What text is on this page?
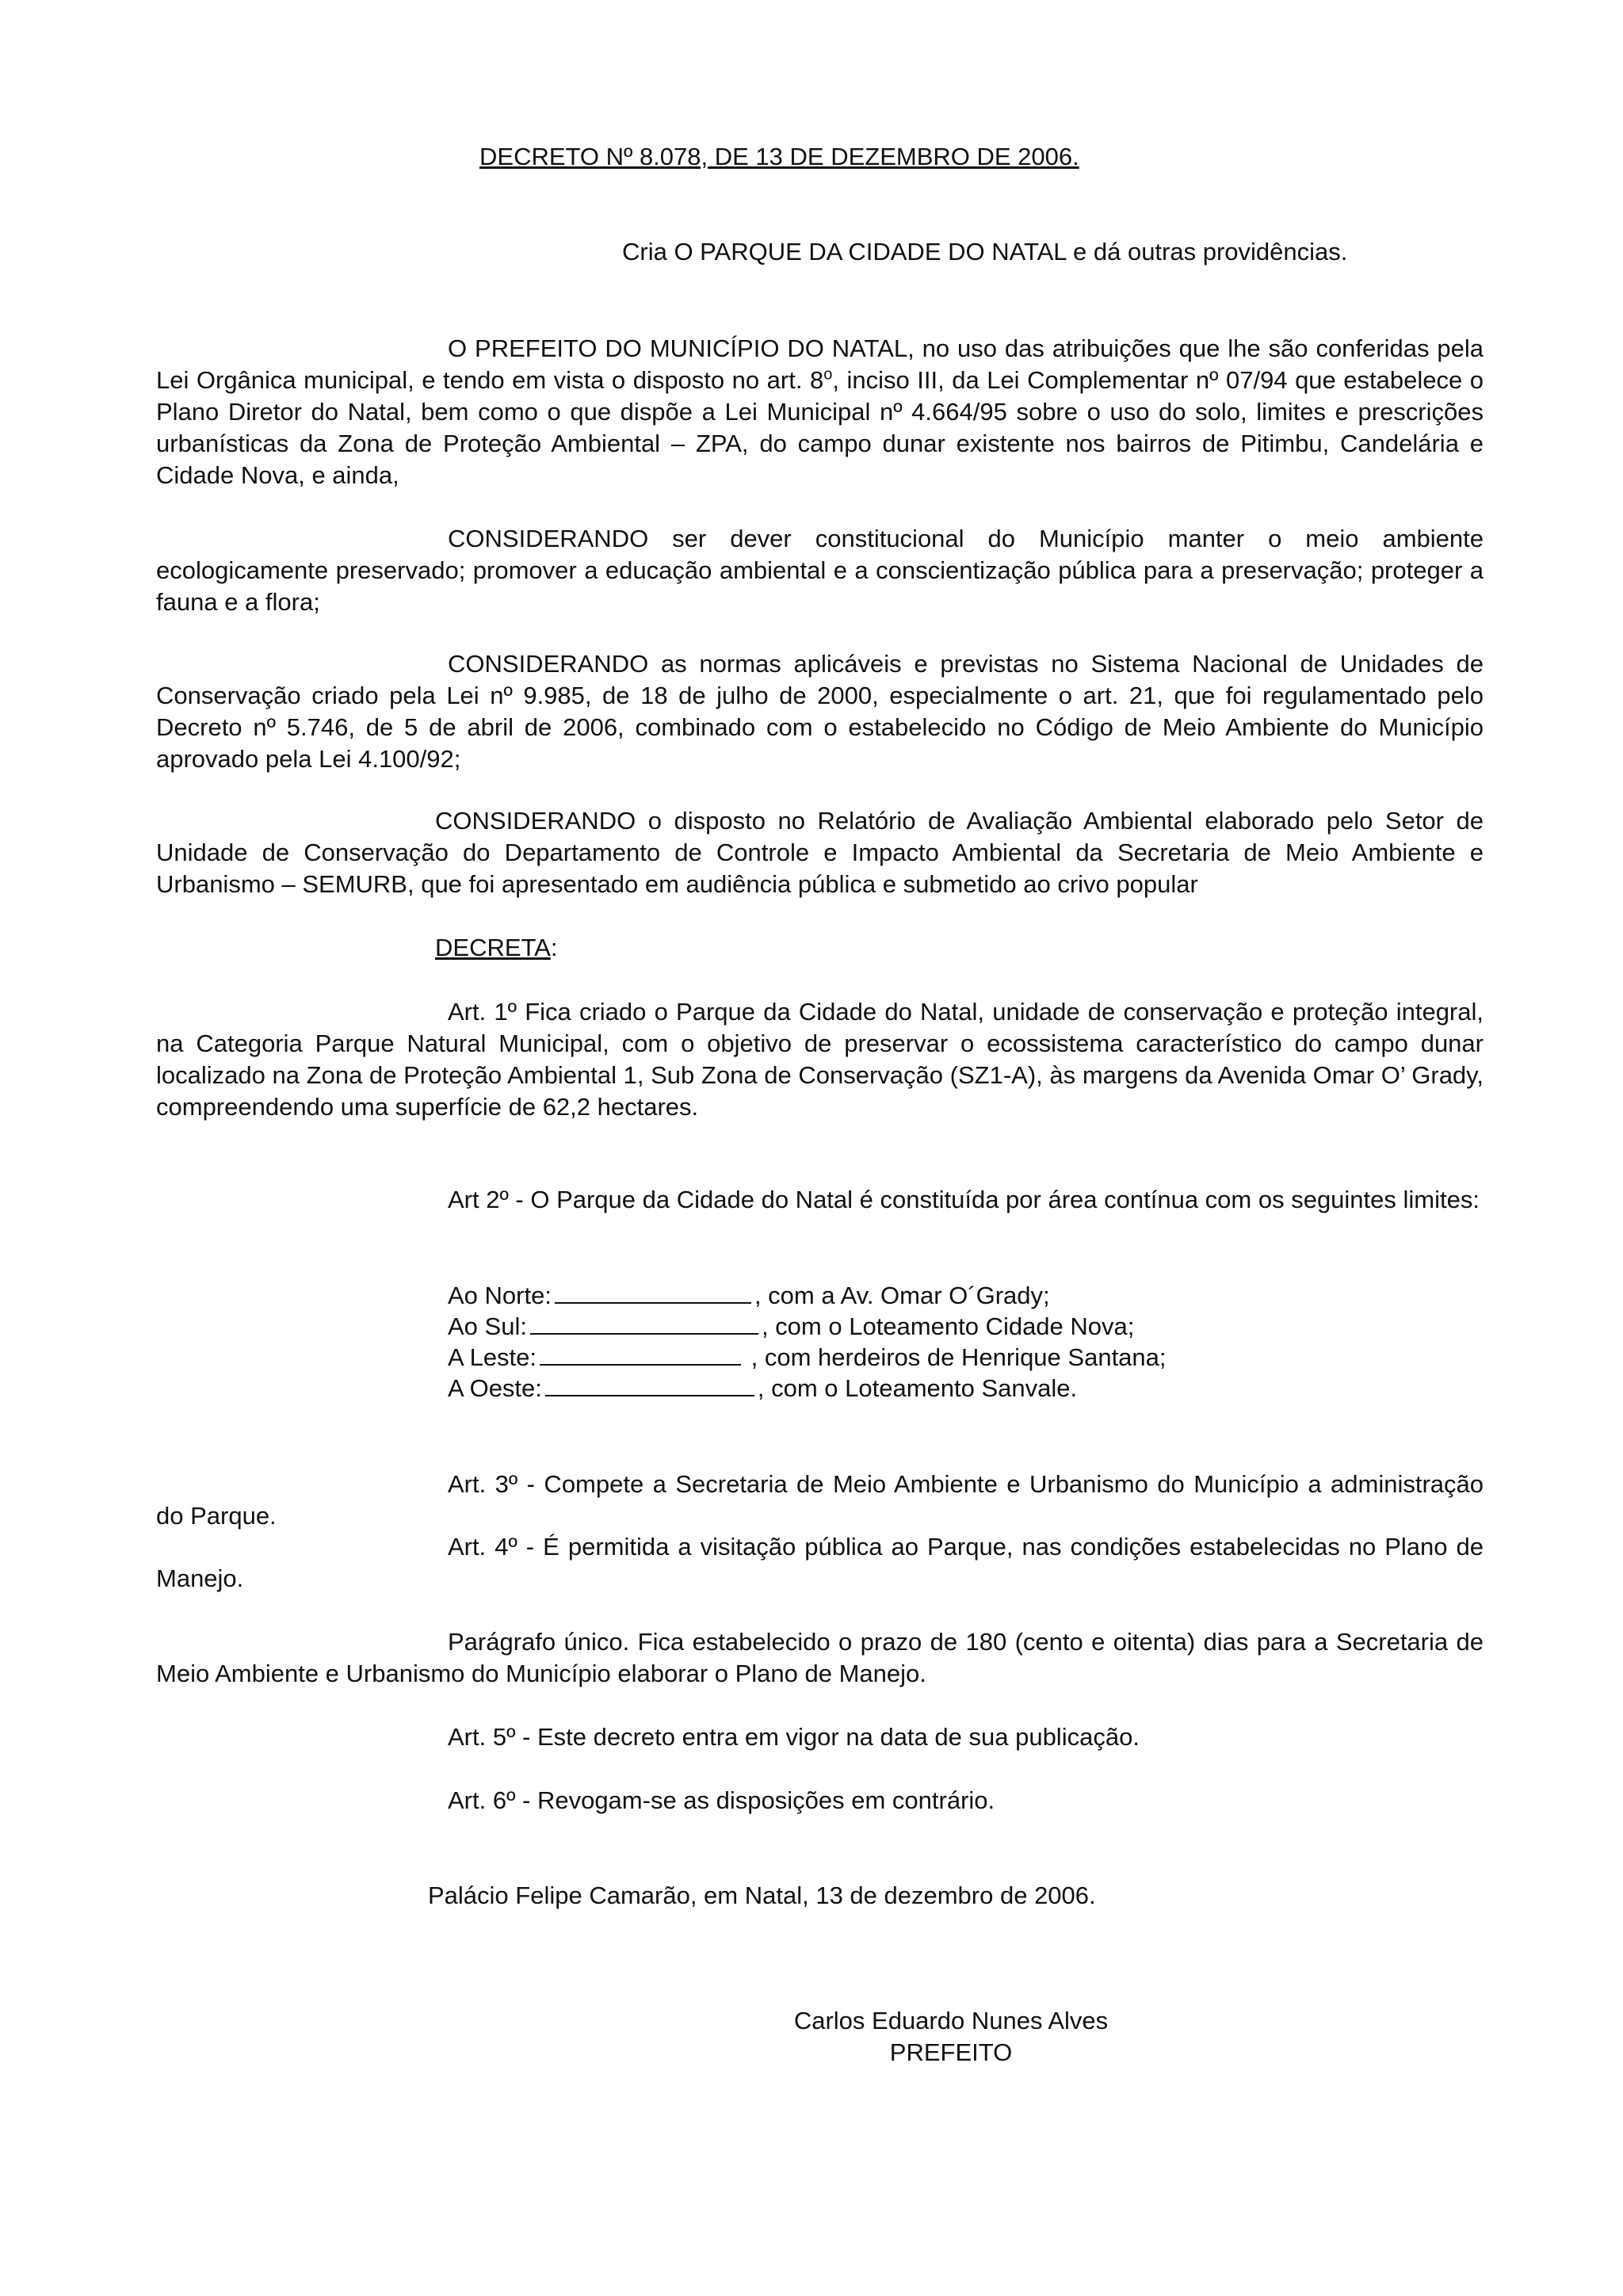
DECRETO Nº 8.078, DE 13 DE DEZEMBRO DE 2006.
Cria O PARQUE DA CIDADE DO NATAL e dá outras providências.
O PREFEITO DO MUNICÍPIO DO NATAL, no uso das atribuições que lhe são conferidas pela Lei Orgânica municipal, e tendo em vista o disposto no art. 8$^o$, inciso III, da Lei Complementar nº 07/94 que estabelece o Plano Diretor do Natal, bem como o que dispõe a Lei Municipal nº 4.664/95 sobre o uso do solo, limites e prescrições urbanísticas da Zona de Proteção Ambiental – ZPA, do campo dunar existente nos bairros de Pitimbu, Candelária e Cidade Nova, e ainda,
CONSIDERANDO ser dever constitucional do Município manter o meio ambiente ecologicamente preservado; promover a educação ambiental e a conscientização pública para a preservação; proteger a fauna e a flora;
CONSIDERANDO as normas aplicáveis e previstas no Sistema Nacional de Unidades de Conservação criado pela Lei nº 9.985, de 18 de julho de 2000, especialmente o art. 21, que foi regulamentado pelo Decreto nº 5.746, de 5 de abril de 2006, combinado com o estabelecido no Código de Meio Ambiente do Município aprovado pela Lei 4.100/92;
CONSIDERANDO o disposto no Relatório de Avaliação Ambiental elaborado pelo Setor de Unidade de Conservação do Departamento de Controle e Impacto Ambiental da Secretaria de Meio Ambiente e Urbanismo – SEMURB, que foi apresentado em audiência pública e submetido ao crivo popular
DECRETA:
Art. 1º Fica criado o Parque da Cidade do Natal, unidade de conservação e proteção integral, na Categoria Parque Natural Municipal, com o objetivo de preservar o ecossistema característico do campo dunar localizado na Zona de Proteção Ambiental 1, Sub Zona de Conservação (SZ1-A), às margens da Avenida Omar O’ Grady, compreendendo uma superfície de 62,2 hectares.
Art 2º - O Parque da Cidade do Natal é constituída por área contínua com os seguintes limites:
Ao Norte:	, com a Av. Omar O´Grady;
Ao Sul:	, com o Loteamento Cidade Nova;
A Leste:	, com herdeiros de Henrique Santana;
A Oeste:	, com o Loteamento Sanvale.
Art. 3º - Compete a Secretaria de Meio Ambiente e Urbanismo do Município a administração do Parque.
Art. 4º - É permitida a visitação pública ao Parque, nas condições estabelecidas no Plano de Manejo.
Parágrafo único. Fica estabelecido o prazo de 180 (cento e oitenta) dias para a Secretaria de Meio Ambiente e Urbanismo do Município elaborar o Plano de Manejo.
Art. 5º - Este decreto entra em vigor na data de sua publicação.
Art. 6º - Revogam-se as disposições em contrário.
Palácio Felipe Camarão, em Natal, 13 de dezembro de 2006.
Carlos Eduardo Nunes Alves
PREFEITO
